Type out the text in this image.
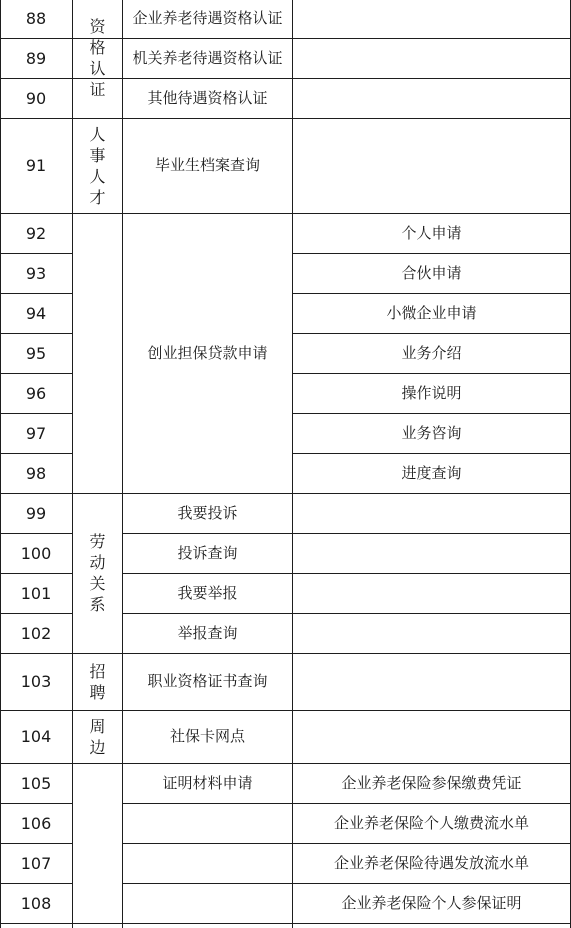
88
89
90
91
92
93
94
95
96
97
98
99
100
101
102
103
104
105
106
107
108
资
格
认
证
人
事
人
才
劳
动
关
系
招
聘
周
边
企业养老待遇资格认证
机关养老待遇资格认证
其他待遇资格认证
毕业生档案查询
创业担保贷款申请
我要投诉
投诉查询
我要举报
举报查询
职业资格证书查询
社保卡网点
证明材料申请
个人申请
合伙申请
小微企业申请
业务介绍
操作说明
业务咨询
进度查询
企业养老保险参保缴费凭证
企业养老保险个人缴费流水单
企业养老保险待遇发放流水单
企业养老保险个人参保证明
